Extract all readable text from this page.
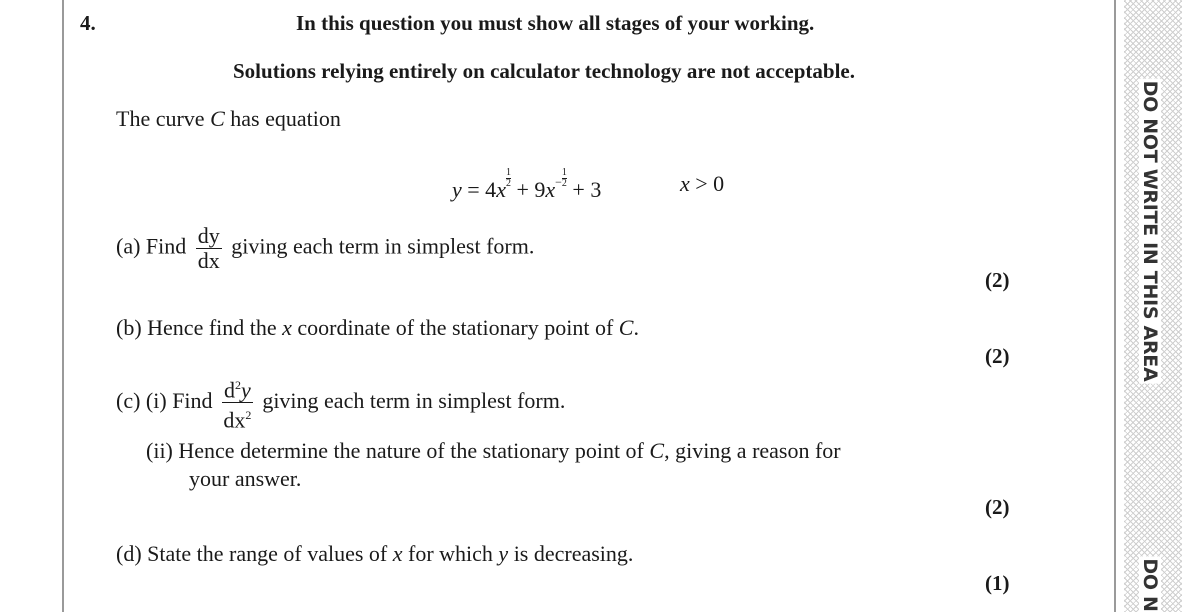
DO NOT WRITE IN THIS AREA
DO N
4.	In this question you must show all stages of your working.
Solutions relying entirely on calculator technology are not acceptable.
The curve C has equation
$y = 4x \frac{1}{2} + 9x^- \frac{1}{2} + 3$	x > 0
(a) Find $\frac{dy}{dx}$ giving each term in simplest form.
(2)
(b) Hence find the x coordinate of the stationary point of C.
(2)
(c) (i) Find $\frac{d^2y}{dx^2}$ giving each term in simplest form.
(ii) Hence determine the nature of the stationary point of C, giving a reason for
your answer.
(2)
(d) State the range of values of x for which y is decreasing.
(1)
